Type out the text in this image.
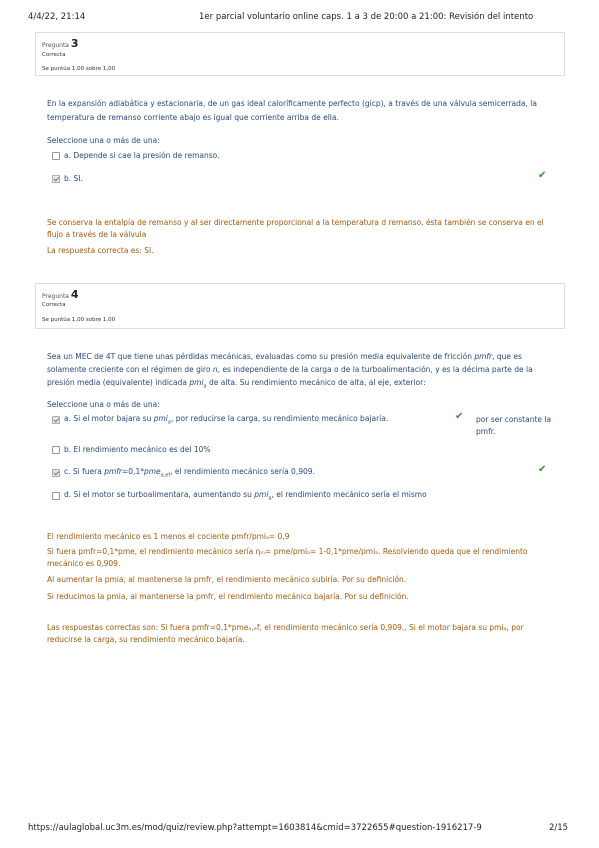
4/4/22, 21:14	1er parcial voluntario online caps. 1 a 3 de 20:00 a 21:00: Revisión del intento
Pregunta 3
Correcta
Se puntúa 1,00 sobre 1,00
En la expansión adiabática y estacionaria, de un gas ideal caloríficamente perfecto (gicp), a través de una válvula semicerrada, la temperatura de remanso corriente abajo es igual que corriente arriba de ella.
Seleccione una o más de una:
a. Depende si cae la presión de remanso.
b. SI.	✔
Se conserva la entalpía de remanso y al ser directamente proporcional a la temperatura d remanso, ésta también se conserva en el flujo a través de la válvula
La respuesta correcta es: SI.
Pregunta 4
Correcta
Se puntúa 1,00 sobre 1,00
Sea un MEC de 4T que tiene unas pérdidas mecánicas, evaluadas como su presión media equivalente de fricción pmfr, que es solamente creciente con el régimen de giro n, es independiente de la carga o de la turboalimentación, y es la décima parte de la presión media (equivalente) indicada pmi$_a$ de alta. Su rendimiento mecánico de alta, al eje, exterior:
Seleccione una o más de una:
a. Si el motor bajara su pmi$_a$, por reducirse la carga, su rendimiento mecánico bajaría.	✔ por ser constante la pmfr.
b. El rendimiento mecánico es del 10%
c. Si fuera pmfr=0,1*pme$_{a,ef}$, el rendimiento mecánico sería 0,909.	✔
d. Si el motor se turboalimentara, aumentando su pmi$_a$, el rendimiento mecánico sería el mismo
El rendimiento mecánico es 1 menos el cociente pmfr/pmiₐ= 0,9
Si fuera pmfr=0,1*pme, el rendimiento mecánico sería ηₘ= pme/pmiₐ= 1-0,1*pme/pmiₐ. Resolviendo queda que el rendimiento mecánico es 0,909.
Al aumentar la pmia, al mantenerse la pmfr, el rendimiento mecánico subiría. Por su definición.
Si reducimos la pmia, al mantenerse la pmfr, el rendimiento mecánico bajaría. Por su definición.
Las respuestas correctas son: Si fuera pmfr=0,1*pmeₐ,ₑf, el rendimiento mecánico sería 0,909., Si el motor bajara su pmiₐ, por reducirse la carga, su rendimiento mecánico bajaría.
https://aulaglobal.uc3m.es/mod/quiz/review.php?attempt=1603814&cmid=3722655#question-1916217-9	2/15
